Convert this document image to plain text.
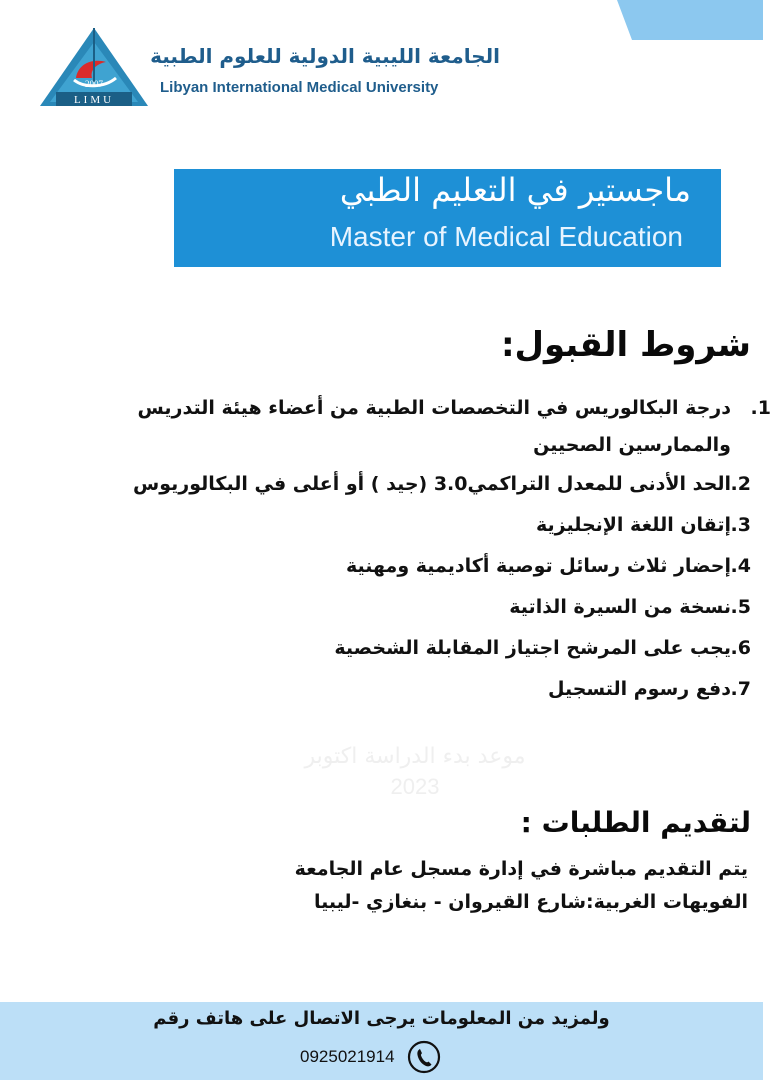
2007
LIMU
الجامعة الليبية الدولية للعلوم الطبية
Libyan International Medical University
ماجستير في التعليم الطبي
Master of Medical Education
شروط القبول:
1.درجة البكالوريس في التخصصات الطبية من أعضاء هيئة التدريس والممارسين الصحيين
2.الحد الأدنى للمعدل التراكمي3.0 (جيد ) أو أعلى في البكالوريوس
3.إتقان اللغة الإنجليزية
4.إحضار ثلاث رسائل توصية أكاديمية ومهنية
5.نسخة من السيرة الذاتية
6.يجب على المرشح اجتياز المقابلة الشخصية
7.دفع رسوم التسجيل
موعد بدء الدراسة اكتوبر
2023
لتقديم الطلبات :
يتم التقديم مباشرة في إدارة مسجل عام الجامعة
الفويهات الغربية:شارع القيروان - بنغازي -ليبيا
ولمزيد من المعلومات يرجى الاتصال على هاتف رقم
0925021914
